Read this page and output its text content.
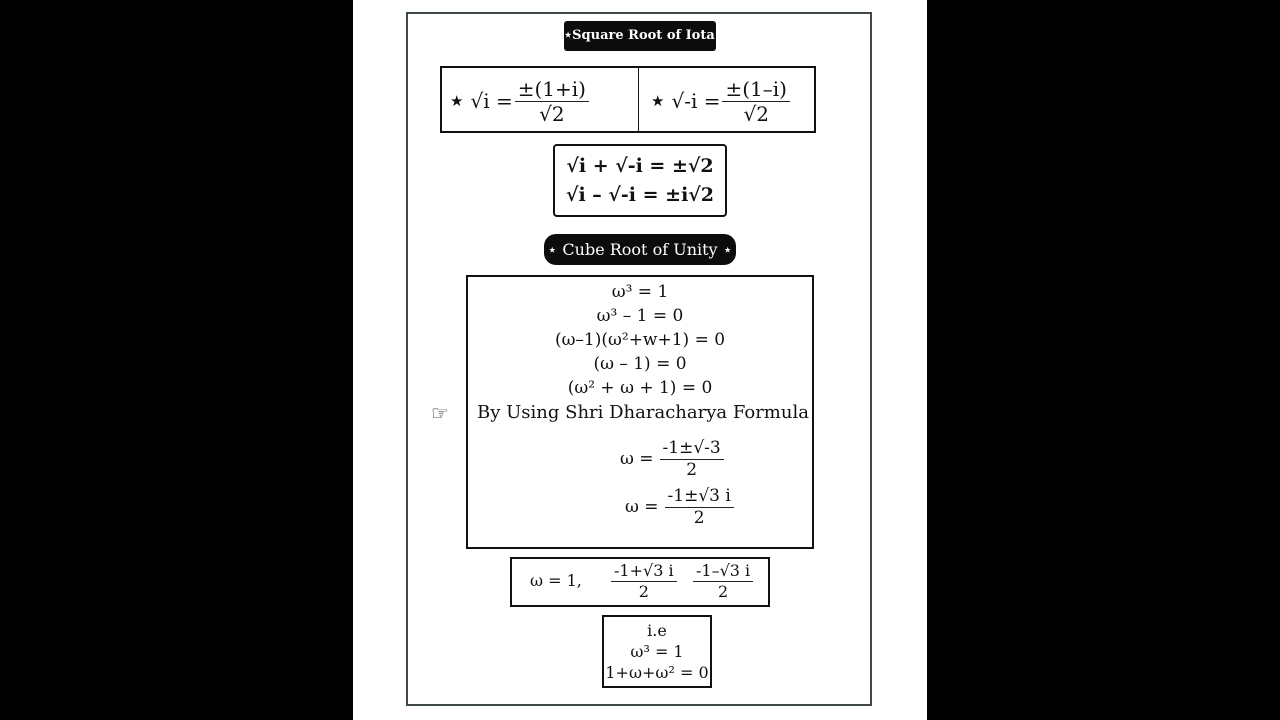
⋆Square Root of Iota⋆
★ $√i = \frac{\pm(1+i)}{√2}$	★ $√-i = \frac{\pm(1-i)}{√2}$
√i + √-i = ±√2
√i – √-i = ±i√2
⋆ Cube Root of Unity ⋆
ω³ = 1
ω³ – 1 = 0
(ω–1)(ω²+w+1) = 0
(ω – 1) = 0
(ω² + ω + 1) = 0
By Using Shri Dharacharya Formula
$\omega = \frac{-1\pm√-3}{2}$
$\omega = \frac{-1\pm√3 i}{2}$
☞
ω = 1, $\frac{-1+√3 i}{2} \frac{-1-√3 i}{2}$
i.e
ω³ = 1
1+ω+ω² = 0
